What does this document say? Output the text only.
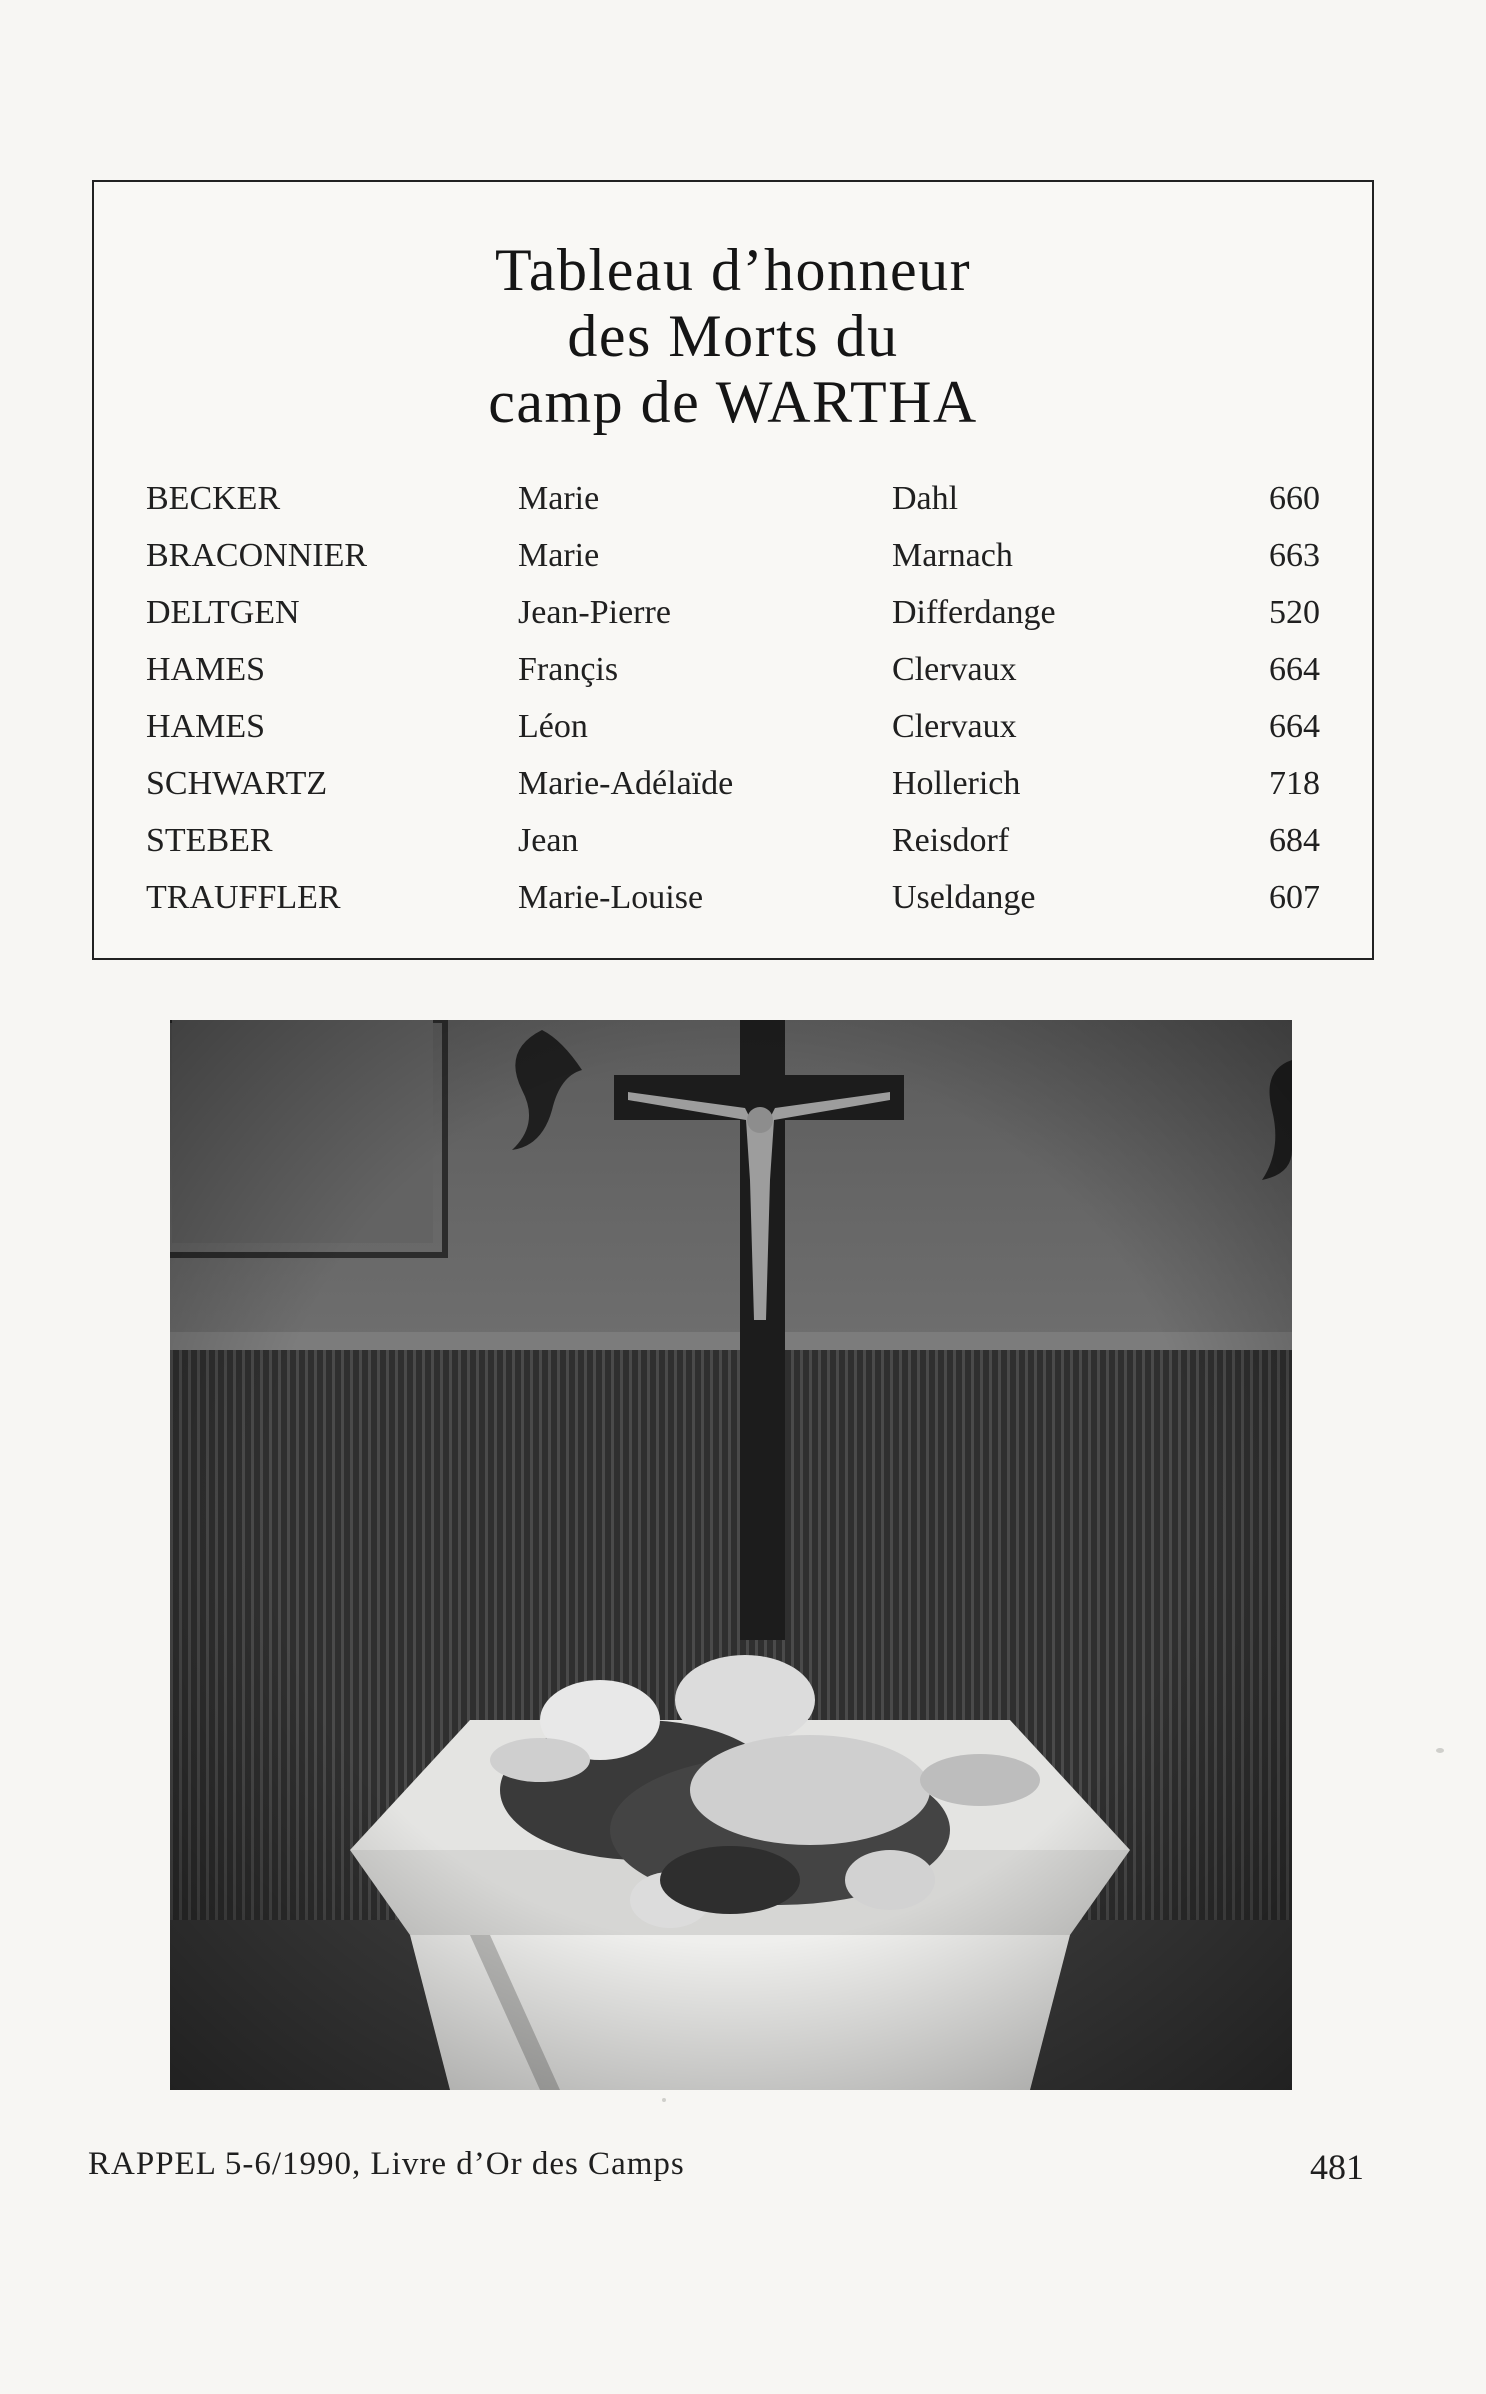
Tableau d’honneur
des Morts du
camp de WARTHA
BECKER	Marie	Dahl	660
BRACONNIER	Marie	Marnach	663
DELTGEN	Jean-Pierre	Differdange	520
HAMES	Françis	Clervaux	664
HAMES	Léon	Clervaux	664
SCHWARTZ	Marie-Adélaïde	Hollerich	718
STEBER	Jean	Reisdorf	684
TRAUFFLER	Marie-Louise	Useldange	607
RAPPEL 5-6/1990, Livre d’Or des Camps	481
